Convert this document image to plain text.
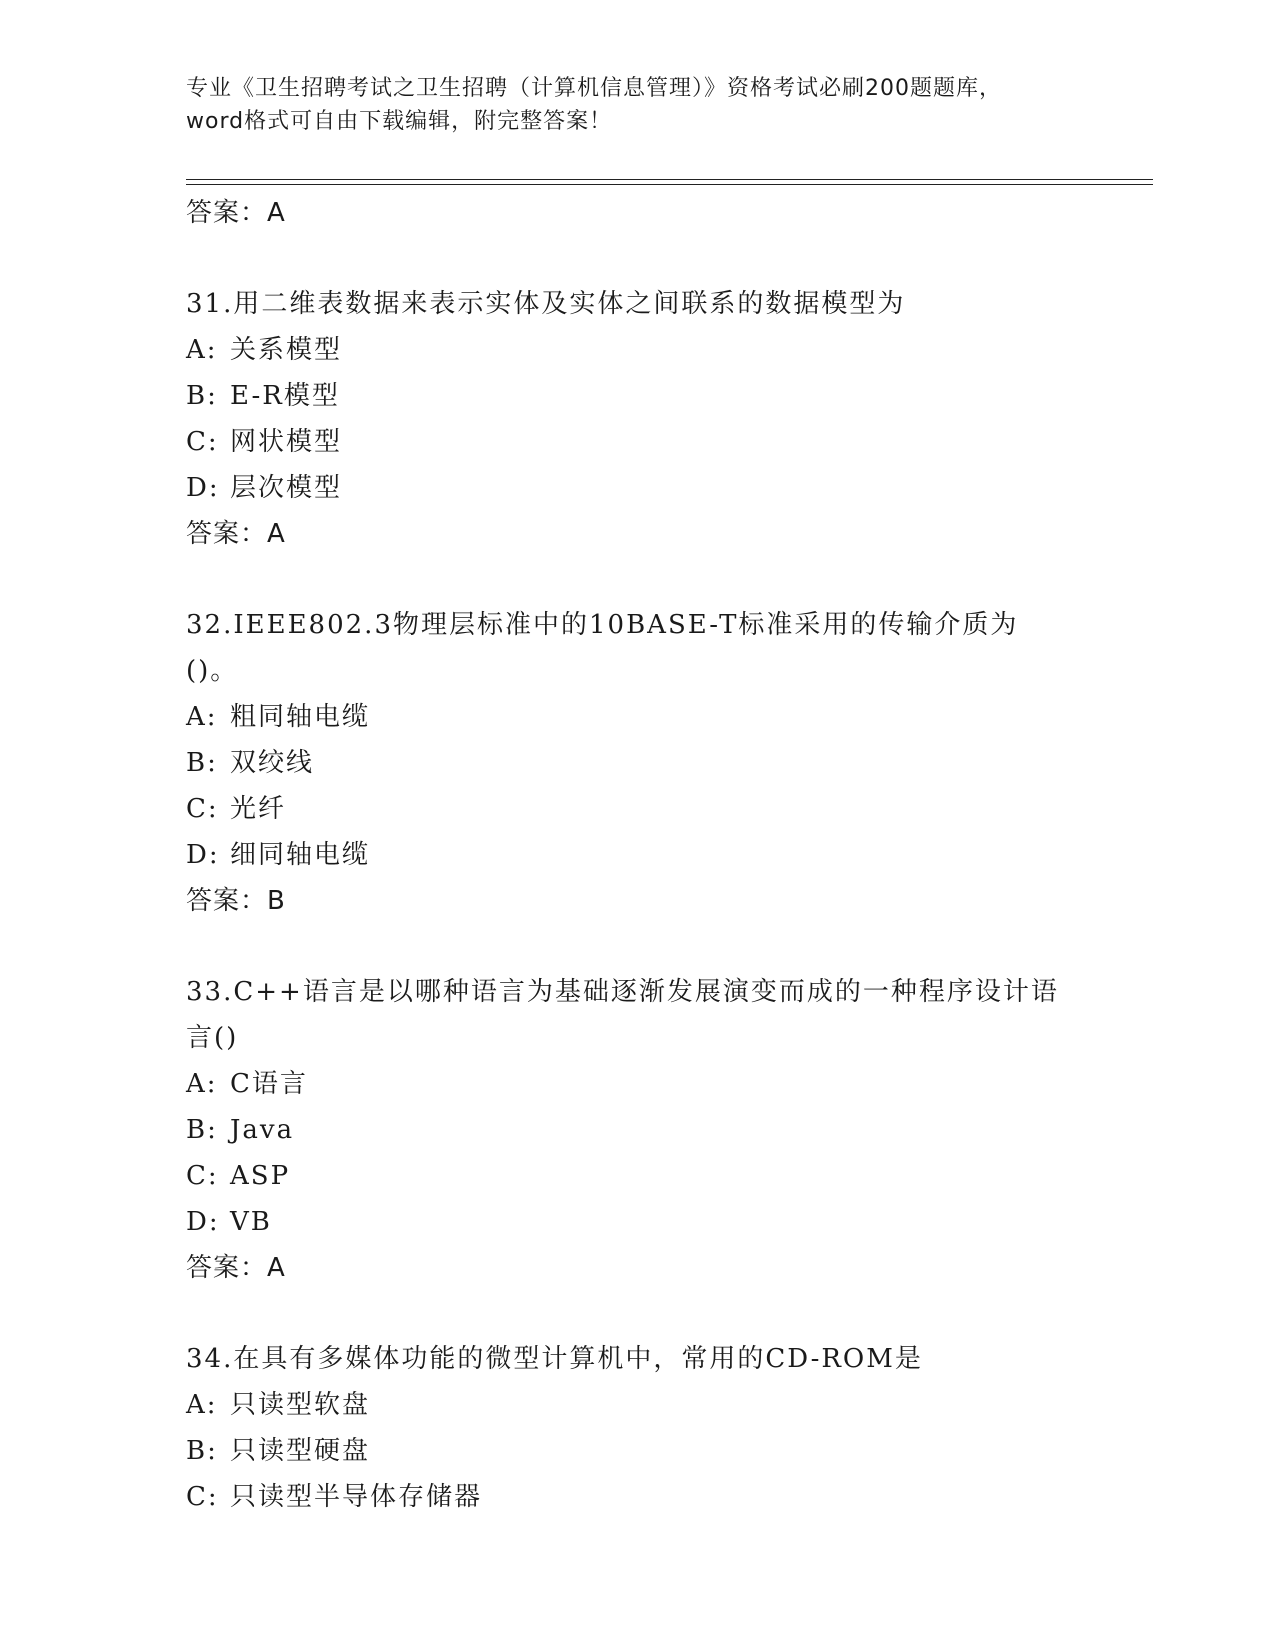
专业《卫生招聘考试之卫生招聘（计算机信息管理）》资格考试必刷200题题库，
word格式可自由下载编辑，附完整答案！
答案：A
31.用二维表数据来表示实体及实体之间联系的数据模型为
A: 关系模型
B: E-R模型
C: 网状模型
D: 层次模型
答案：A
32.IEEE802.3物理层标准中的10BASE-T标准采用的传输介质为()。
A: 粗同轴电缆
B: 双绞线
C: 光纤
D: 细同轴电缆
答案：B
33.C++语言是以哪种语言为基础逐渐发展演变而成的一种程序设计语言()
A: C语言
B: Java
C: ASP
D: VB
答案：A
34.在具有多媒体功能的微型计算机中，常用的CD-ROM是
A: 只读型软盘
B: 只读型硬盘
C: 只读型半导体存储器
